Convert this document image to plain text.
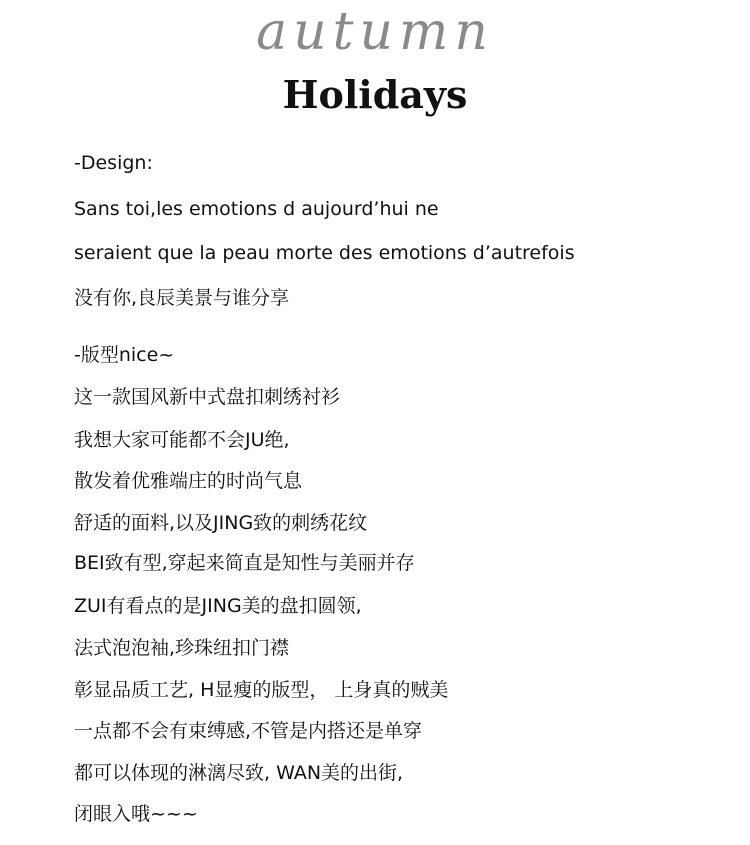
autumn
Holidays
-Design:
Sans toi,les emotions d aujourd’hui ne
seraient que la peau morte des emotions d’autrefois
没有你,良辰美景与谁分享
-版型nice~
这一款国风新中式盘扣刺绣衬衫
我想大家可能都不会JU绝,
散发着优雅端庄的时尚气息
舒适的面料,以及JING致的刺绣花纹
BEI致有型,穿起来简直是知性与美丽并存
ZUI有看点的是JING美的盘扣圆领,
法式泡泡袖,珍珠纽扣门襟
彰显品质工艺, H显瘦的版型， 上身真的贼美
一点都不会有束缚感,不管是内搭还是单穿
都可以体现的淋漓尽致, WAN美的出街,
闭眼入哦~~~
